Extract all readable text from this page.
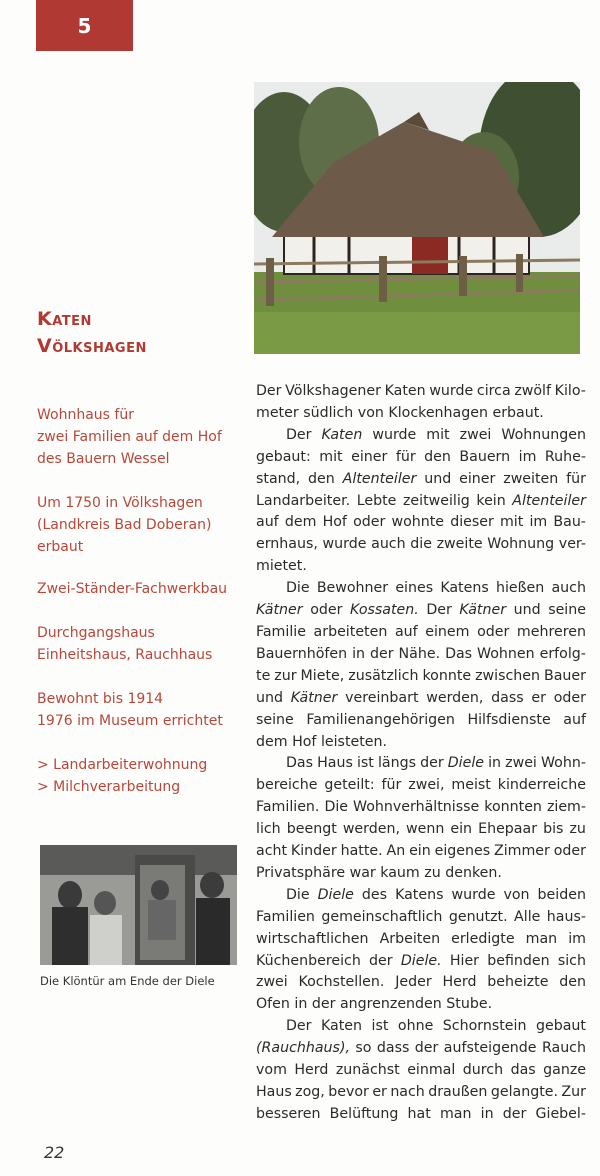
5
Katen
Völkshagen
Wohnhaus für
zwei Familien auf dem Hof
des Bauern Wessel
Um 1750 in Völkshagen
(Landkreis Bad Doberan)
erbaut
Zwei-Ständer-Fachwerkbau
Durchgangshaus
Einheitshaus, Rauchhaus
Bewohnt bis 1914
1976 im Museum errichtet
> Landarbeiterwohnung
> Milchverarbeitung
Die Klöntür am Ende der Diele
Der Völkshagener Katen wurde circa zwölf Kilo-
meter südlich von Klockenhagen erbaut.
Der Katen wurde mit zwei Wohnungen
gebaut: mit einer für den Bauern im Ruhe-
stand, den Altenteiler und einer zweiten für
Landarbeiter. Lebte zeitweilig kein Altenteiler
auf dem Hof oder wohnte dieser mit im Bau-
ernhaus, wurde auch die zweite Wohnung ver-
mietet.
Die Bewohner eines Katens hießen auch
Kätner oder Kossaten. Der Kätner und seine
Familie arbeiteten auf einem oder mehreren
Bauernhöfen in der Nähe. Das Wohnen erfolg-
te zur Miete, zusätzlich konnte zwischen Bauer
und Kätner vereinbart werden, dass er oder
seine Familienangehörigen Hilfsdienste auf
dem Hof leisteten.
Das Haus ist längs der Diele in zwei Wohn-
bereiche geteilt: für zwei, meist kinderreiche
Familien. Die Wohnverhältnisse konnten ziem-
lich beengt werden, wenn ein Ehepaar bis zu
acht Kinder hatte. An ein eigenes Zimmer oder
Privatsphäre war kaum zu denken.
Die Diele des Katens wurde von beiden
Familien gemeinschaftlich genutzt. Alle haus-
wirtschaftlichen Arbeiten erledigte man im
Küchenbereich der Diele. Hier befinden sich
zwei Kochstellen. Jeder Herd beheizte den
Ofen in der angrenzenden Stube.
Der Katen ist ohne Schornstein gebaut
(Rauchhaus), so dass der aufsteigende Rauch
vom Herd zunächst einmal durch das ganze
Haus zog, bevor er nach draußen gelangte. Zur
besseren Belüftung hat man in der Giebel-
22
